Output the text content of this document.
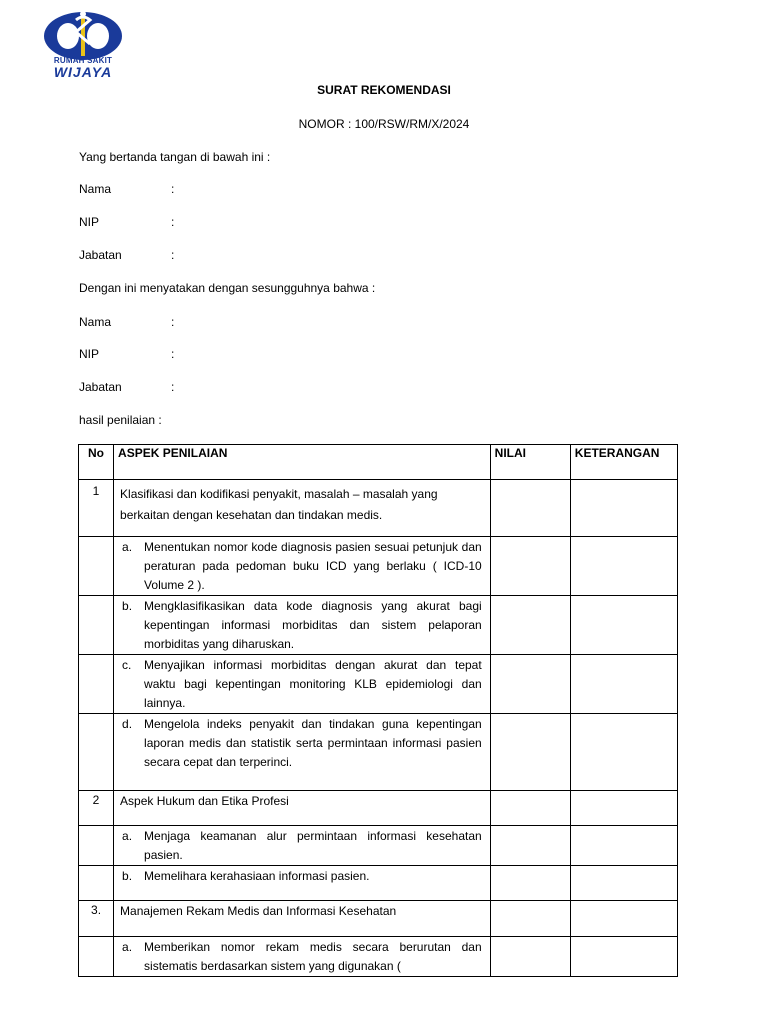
RUMAH SAKIT
WIJAYA
SURAT REKOMENDASI
NOMOR : 100/RSW/RM/X/2024
Yang bertanda tangan di bawah ini :
Nama	:
NIP	:
Jabatan	:
Dengan ini menyatakan dengan sesungguhnya bahwa :
Nama	:
NIP	:
Jabatan	:
hasil penilaian :
No	ASPEK PENILAIAN	NILAI	KETERANGAN
1	Klasifikasi dan kodifikasi penyakit, masalah – masalah yang berkaitan dengan kesehatan dan tindakan medis.		

	a. Menentukan nomor kode diagnosis pasien sesuai petunjuk dan peraturan pada pedoman buku ICD yang berlaku ( ICD-10 Volume 2 ).		

	b. Mengklasifikasikan data kode diagnosis yang akurat bagi kepentingan informasi morbiditas dan sistem pelaporan morbiditas yang diharuskan.		

	c. Menyajikan informasi morbiditas dengan akurat dan tepat waktu bagi kepentingan monitoring KLB epidemiologi dan lainnya.		

	d. Mengelola indeks penyakit dan tindakan guna kepentingan laporan medis dan statistik serta permintaan informasi pasien secara cepat dan terperinci.		

2	Aspek Hukum dan Etika Profesi		

	a. Menjaga keamanan alur permintaan informasi kesehatan pasien.		

	b. Memelihara kerahasiaan informasi pasien.		

3.	Manajemen Rekam Medis dan Informasi Kesehatan		

	a. Memberikan nomor rekam medis secara berurutan dan sistematis berdasarkan sistem yang digunakan (		
